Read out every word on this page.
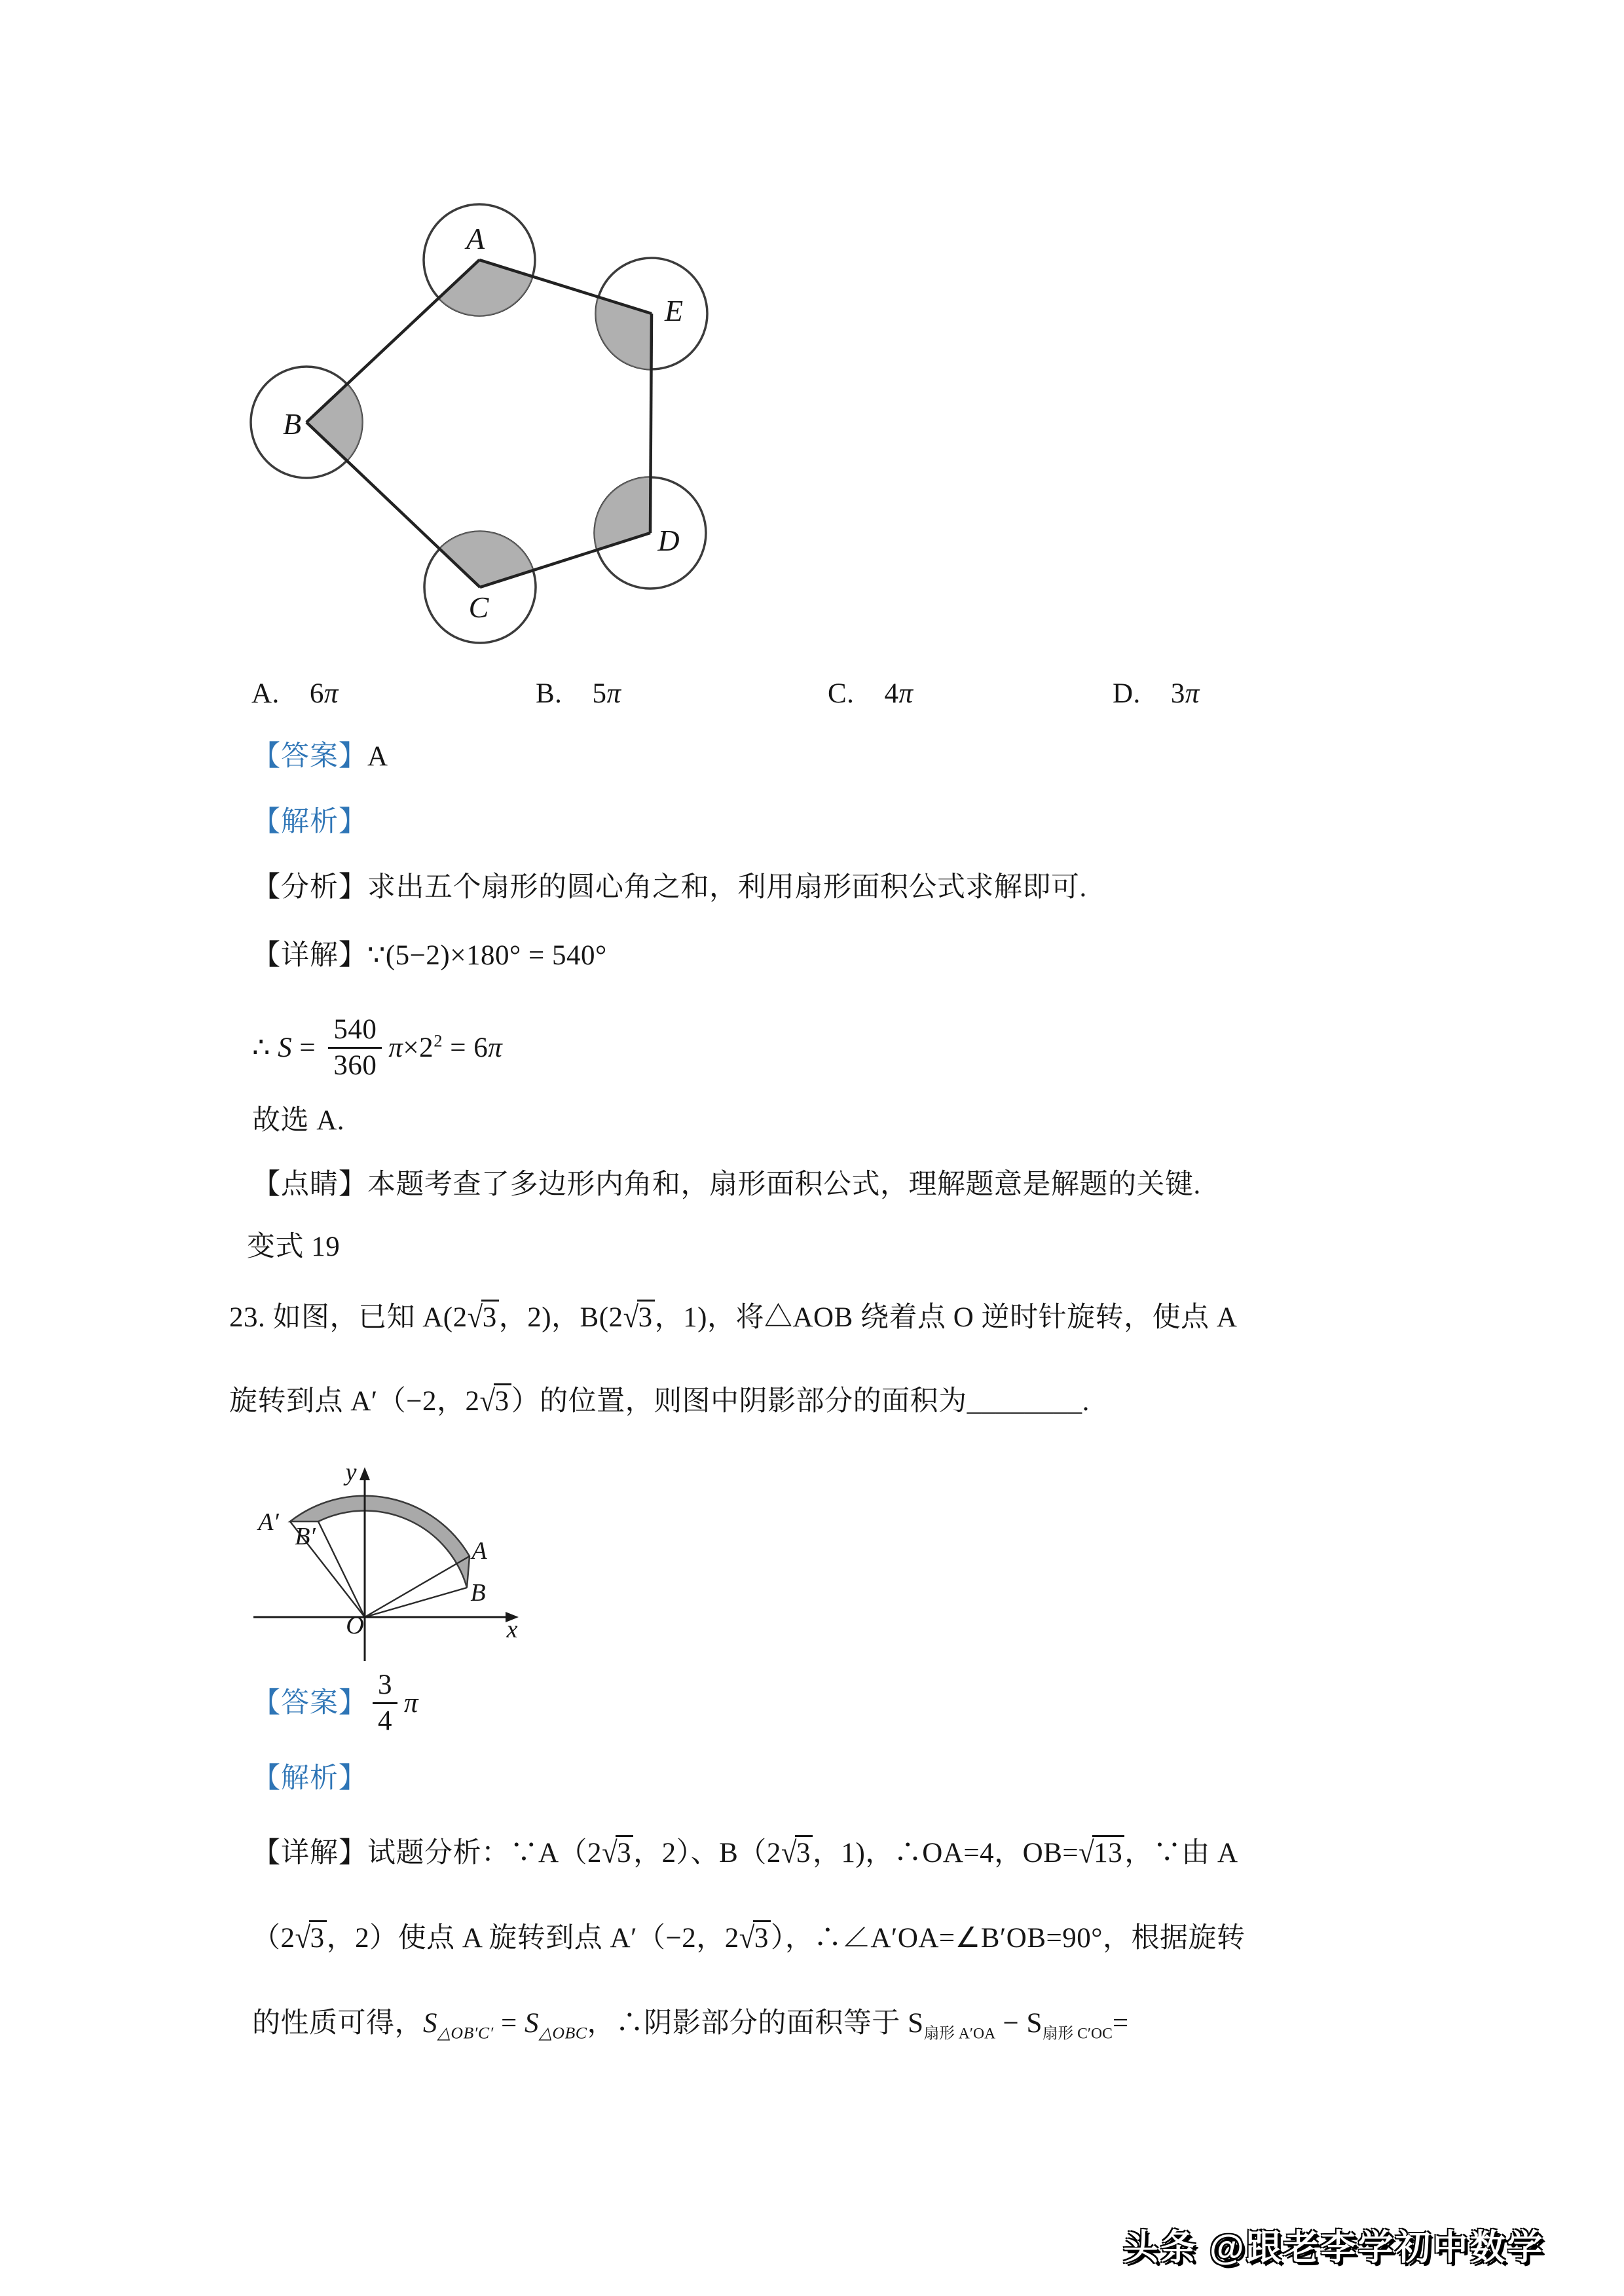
A
E
D
C
B
A. 6π	B. 5π	C. 4π	D. 3π
【答案】A
【解析】
【分析】求出五个扇形的圆心角之和，利用扇形面积公式求解即可.
【详解】∵(5−2)×180° = 540°
∴ $S = \frac{540}{360} \pi\times 2^2 = 6\pi$
故选 A.
【点睛】本题考查了多边形内角和，扇形面积公式，理解题意是解题的关键.
变式 19
23. 如图，已知 A(2√3，2)，B(2√3，1)，将△AOB 绕着点 O 逆时针旋转，使点 A
旋转到点 A′（−2，2√3）的位置，则图中阴影部分的面积为________.
A′
B′
A
B
O	x
y
【答案】 $\frac{3}{4}$ π
【解析】
【详解】试题分析：∵A（2√3，2）、B（2√3，1)，∴OA=4，OB=√13，∵由 A
（2√3，2）使点 A 旋转到点 A′（−2，2√3），∴∠A′OA=∠B′OB=90°，根据旋转
的性质可得，$S_{\triangle OB'C'} = S_{\triangle OBC}$，∴阴影部分的面积等于 $S_{扇形 A'OA} - S_{扇形 C'OC}=$
头条 @跟老李学初中数学
